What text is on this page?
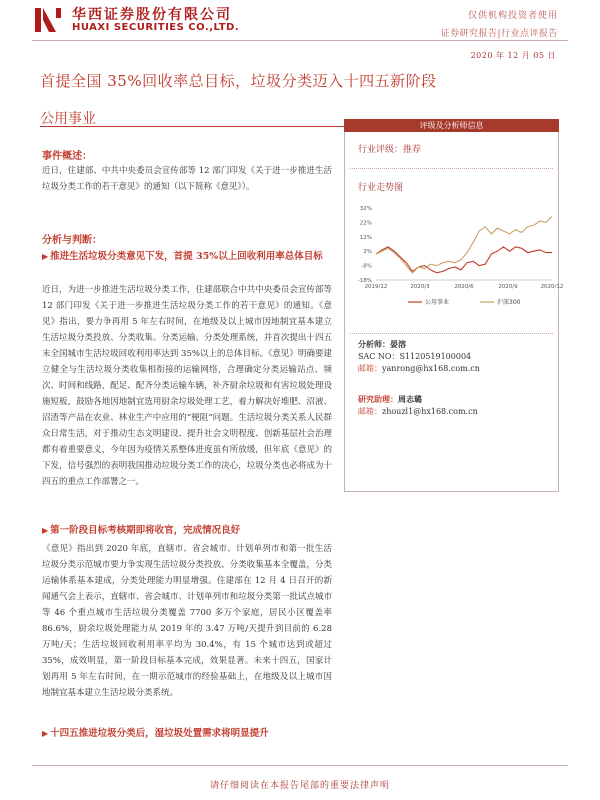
华西证券股份有限公司
HUAXI SECURITIES CO.,LTD.
仅供机构投资者使用
证券研究报告|行业点评报告
2020 年 12 月 05 日
首提全国 35%回收率总目标，垃圾分类迈入十四五新阶段
公用事业
事件概述：
近日，住建部、中共中央委员会宣传部等 12 部门印发《关于进一步推进生活垃圾分类工作的若干意见》的通知（以下简称《意见》）。
分析与判断：
▶ 推进生活垃圾分类意见下发，首提 35%以上回收利用率总体目标
近日，为进一步推进生活垃圾分类工作，住建部联合中共中央委员会宣传部等 12 部门印发《关于进一步推进生活垃圾分类工作的若干意见》的通知。《意见》指出，要力争再用 5 年左右时间，在地级及以上城市因地制宜基本建立生活垃圾分类投放、分类收集、分类运输、分类处理系统，并首次提出十四五末全国城市生活垃圾回收利用率达到 35%以上的总体目标。《意见》明确要建立健全与生活垃圾分类收集相衔接的运输网络，合理确定分类运输站点、频次、时间和线路，配足、配齐分类运输车辆，补齐厨余垃圾和有害垃圾处理设施短板，鼓励各地因地制宜选用厨余垃圾处理工艺，着力解决好堆肥、沼液、沼渣等产品在农业、林业生产中应用的“梗阻”问题。生活垃圾分类关系人民群众日常生活，对于推动生态文明建设、提升社会文明程度、创新基层社会治理都有着重要意义，今年因为疫情关系整体进度虽有所放缓，但年底《意见》的下发，信号强烈的表明我国推动垃圾分类工作的决心，垃圾分类也必将成为十四五的重点工作部署之一。
▶ 第一阶段目标考核期即将收官，完成情况良好
《意见》指出到 2020 年底，直辖市、省会城市、计划单列市和第一批生活垃圾分类示范城市要力争实现生活垃圾分类投放、分类收集基本全覆盖，分类运输体系基本建成，分类处理能力明显增强。住建部在 12 月 4 日召开的新闻通气会上表示，直辖市、省会城市、计划单列市和垃圾分类第一批试点城市等 46 个重点城市生活垃圾分类覆盖 7700 多万个家庭，居民小区覆盖率 86.6%，厨余垃圾处理能力从 2019 年的 3.47 万吨/天提升到目前的 6.28 万吨/天；生活垃圾回收利用率平均为 30.4%，有 15 个城市达到或超过 35%，成效明显，第一阶段目标基本完成，效果显著。未来十四五，国家计划再用 5 年左右时间，在一期示范城市的经验基础上，在地级及以上城市因地制宜基本建立生活垃圾分类系统。
▶ 十四五推进垃圾分类后，湿垃圾处置需求将明显提升
评级及分析师信息
行业评级：推荐
行业走势图
32%
22%
12%
2%
-8%
-18%
2019/12	2020/3	2020/6	2020/9	2020/12
公用事业	沪深300
分析师：晏溶
SAC NO：S1120519100004
邮箱：yanrong@hx168.com.cn
研究助理：周志璐
邮箱：zhouzl1@hx168.com.cn
请仔细阅读在本报告尾部的重要法律声明
